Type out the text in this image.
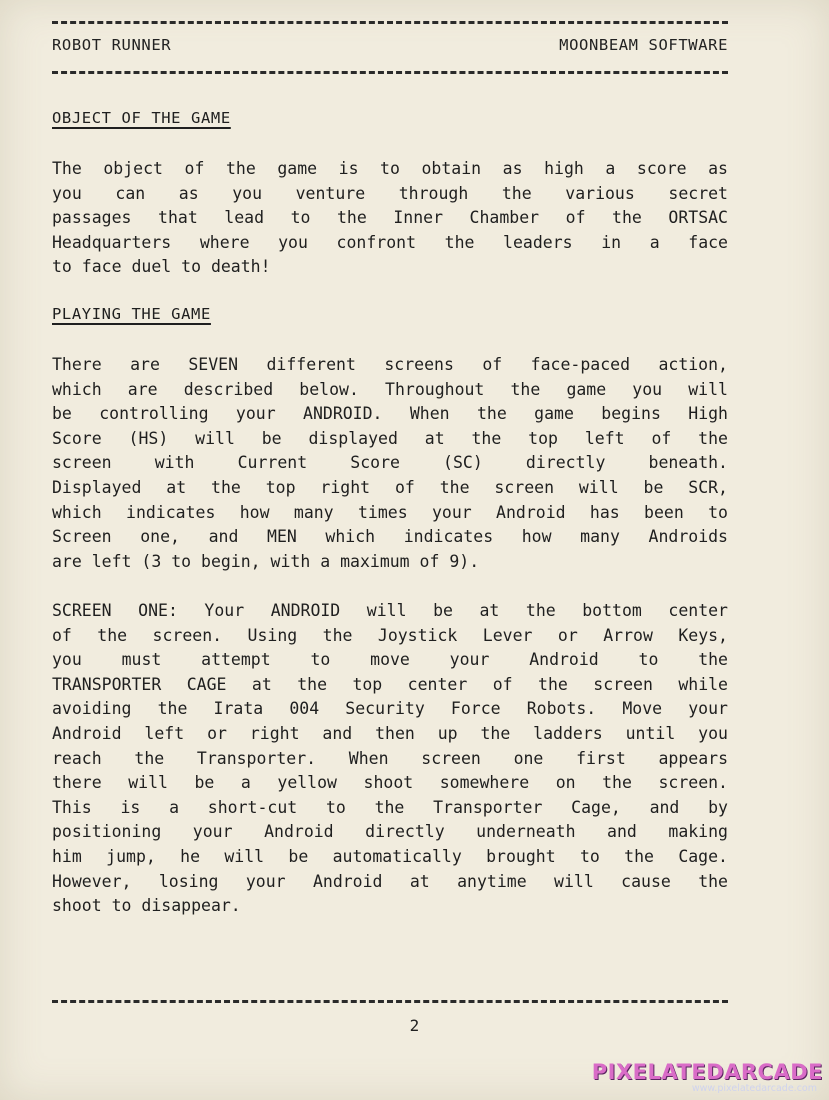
ROBOT RUNNER	MOONBEAM SOFTWARE
OBJECT OF THE GAME
The object of the game is to obtain as high a score as
you can as you venture through the various secret
passages that lead to the Inner Chamber of the ORTSAC
Headquarters where you confront the leaders in a face
to face duel to death!
PLAYING THE GAME
There are SEVEN different screens of face-paced action,
which are described below. Throughout the game you will
be controlling your ANDROID. When the game begins High
Score (HS) will be displayed at the top left of the
screen with Current Score (SC) directly beneath.
Displayed at the top right of the screen will be SCR,
which indicates how many times your Android has been to
Screen one, and MEN which indicates how many Androids
are left (3 to begin, with a maximum of 9).
SCREEN ONE: Your ANDROID will be at the bottom center
of the screen. Using the Joystick Lever or Arrow Keys,
you must attempt to move your Android to the
TRANSPORTER CAGE at the top center of the screen while
avoiding the Irata 004 Security Force Robots. Move your
Android left or right and then up the ladders until you
reach the Transporter. When screen one first appears
there will be a yellow shoot somewhere on the screen.
This is a short-cut to the Transporter Cage, and by
positioning your Android directly underneath and making
him jump, he will be automatically brought to the Cage.
However, losing your Android at anytime will cause the
shoot to disappear.
2
PIXELATEDARCADE
www.pixelatedarcade.com
